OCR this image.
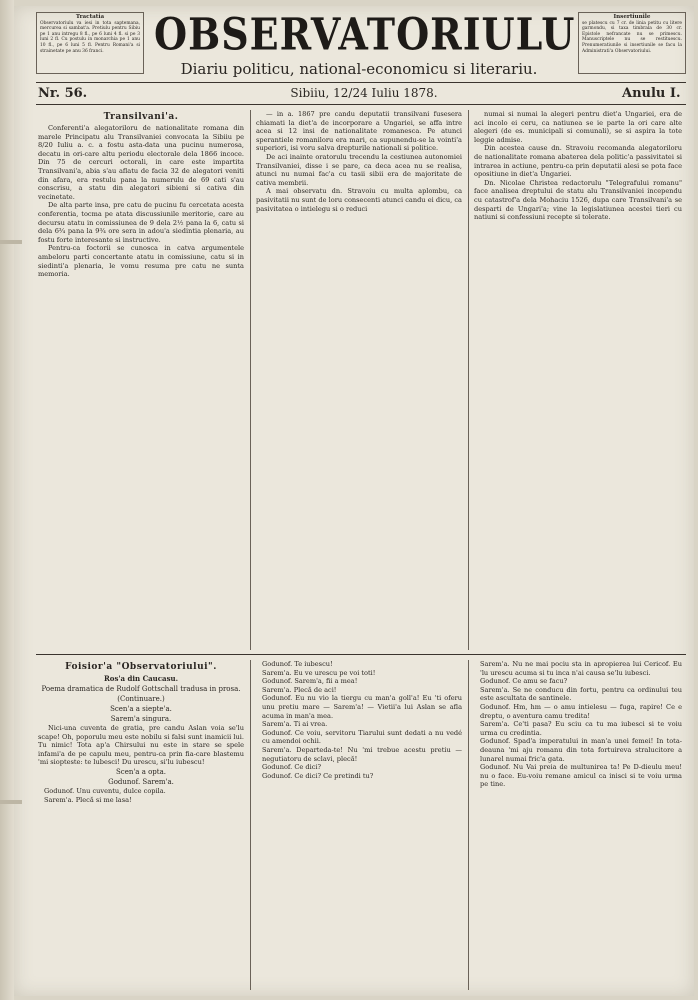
Tractatia
Observatoriulu va iesi in tota saptemana, mercurea si sambat'a. Pretiulu pentru Sibiu pe 1 anu intregu 8 fl., pe 6 luni 4 fl. si pe 3 luni 2 fl. Cu postulu in monarchia pe 1 anu 10 fl., pe 6 luni 5 fl. Pentru Romani'a si strainetate pe anu 36 franci.	OBSERVATORIULU
Diariu politicu, national-economicu si literariu.
Insertiunile
se platescu cu 7 cr. de linia petitu cu litere garmondu, si taxa timbrala de 30 cr. Epistole nefrancate nu se primescu. Manuscriptele nu se restituescu. Prenumeratiunile si insertiunile se facu la Administrati'a Observatoriului.
Nr. 56.	Sibiiu, 12/24 Iuliu 1878.	Anulu I.

Transilvani'a.

Conferenti'a alegatoriloru de nationalitate romana din marele Principatu alu Transilvaniei convocata la Sibiiu pe 8/20 Iuliu a. c. a fostu asta-data una pucinu numerosa, decatu in ori-care altu periodu electorale dela 1866 incoce. Din 75 de cercuri octorali, in care este impartita Transilvani'a, abia s'au aflatu de facia 32 de alegatori veniti din afara, era restulu pana la numerulu de 69 cati s'au conscrisu, a statu din alegatori sibieni si cativa din vecinetate.

De alta parte insa, pre catu de pucinu fu cercetata acesta conferentia, tocma pe atata discussiunile meritorie, care au decursu atatu in comissiunea de 9 dela 2½ pana la 6, catu si dela 6¾ pana la 9¾ ore sera in adou'a siedintia plenaria, au fostu forte interesante si instructive.

Pentru-ca foctorii se cunosca in catva argumentele ambeloru parti concertante atatu in comissiune, catu si in siedinti'a plenaria, le vomu resuma pre catu ne sunta memoria.

— in a. 1867 pre candu deputatii transilvani fusesera chiamati la diet'a de incorporare a Ungariei, se affa intre acea si 12 insi de nationalitate romanesca. Pe atunci sperantiele romaniloru era mari, ca supunendu-se la vointi'a superiori, isi voru salva drepturile nationali si politice.

De aci inainte oratorulu trecendu la cestiunea autonomiei Transilvaniei, disse i se pare, ca deca acea nu se realisa, atunci nu numai fac'a cu tasii sibii era de majoritate de cativa membrii.

A mai observatu dn. Stravoiu cu multa aplombu, ca pasivitatii nu sunt de loru consecenti atunci candu ei dicu, ca pasivitatea o intielegu si o reduci

numai si numai la alegeri pentru diet'a Ungariei, era de aci incolo ei ceru, ca natiunea se ie parte la ori care alte alegeri (de es. municipali si comunali), se si aspira la tote leggie admise.

Din acestea cause dn. Stravoiu recomanda alegatoriloru de nationalitate romana abaterea dela politic'a passivitatei si intrarea in actiune, pentru-ca prin deputatii alesi se pota face opositiune in diet'a Ungariei.

Dn. Nicolae Christea redactorulu "Telegrafului romanu" face analisea dreptului de statu alu Transilvaniei incependu cu catastrof'a dela Mohaciu 1526, dupa care Transilvani'a se desparti de Ungari'a; vine la legislatiunea acestei tieri cu natiuni si confessiuni recepte si tolerate.

Foisior'a "Observatoriului".

Ros'a din Caucasu.

Poema dramatica de Rudolf Gottschall tradusa in prosa.

(Continuare.)

Scen'a a siepte'a.

Sarem'a singura.

Nici-una cuventa de gratia, pre candu Aslan voia se'lu scape! Oh, poporulu meu este nobilu si falsi sunt inamicii lui. Tu nimic! Tota ap'a Chirsului nu este in stare se spele infami'a de pe capulu meu, pentru-ca prin fia-care blastemu 'mi siopteste: te lubesci! Du urescu, si'lu iubescu!

Scen'a a opta.

Godunof. Sarem'a.

Godunof. Unu cuventu, dulce copila.

Sarem'a. Plecă si me lasa!

Godunof. Te iubescu!

Sarem'a. Eu ve urescu pe voi toti!

Godunof. Sarem'a, fii a mea!

Sarem'a. Plecă de aci!

Godunof. Eu nu vio la tiergu cu man'a goll'a! Eu 'ti oferu unu pretiu mare — Sarem'a! — Vietii'a lui Aslan se afla acuma in man'a mea.

Sarem'a. Ti ai vrea.

Godunof. Ce voiu, servitoru Tiarului sunt dedati a nu vedé cu amendoi ochii.

Sarem'a. Departeda-te! Nu 'mi trebue acestu pretiu — negutiatoru de sclavi, plecă!

Godunof. Ce dici?

Godunof. Ce dici? Ce pretindi tu?

Sarem'a. Nu ne mai pociu sta in apropierea lui Cericof. Eu 'lu urescu acuma si tu inca n'ai causa se'lu iubesci.

Godunof. Ce amu se facu?

Sarem'a. Se ne conducu din fortu, pentru ca ordinului teu este ascultata de santinele.

Godunof. Hm, hm — o amu intielesu — fuga, rapire! Ce e dreptu, o aventura camu tredita!

Sarem'a. Ce'ti pasa? Eu sciu ca tu ma iubesci si te voiu urma cu credintia.

Godunof. Spad'a imperatului in man'a unei femei! In tota-deauna 'mi aju romanu din tota fortuireva stralucitore a lunarel numai fric'a gata.

Godunof. Nu Vai preia de multunirea ta! Pe D-dieulu meu! nu o face. Eu-voiu remane amicul ca inisci si te voiu urma pe tine.
